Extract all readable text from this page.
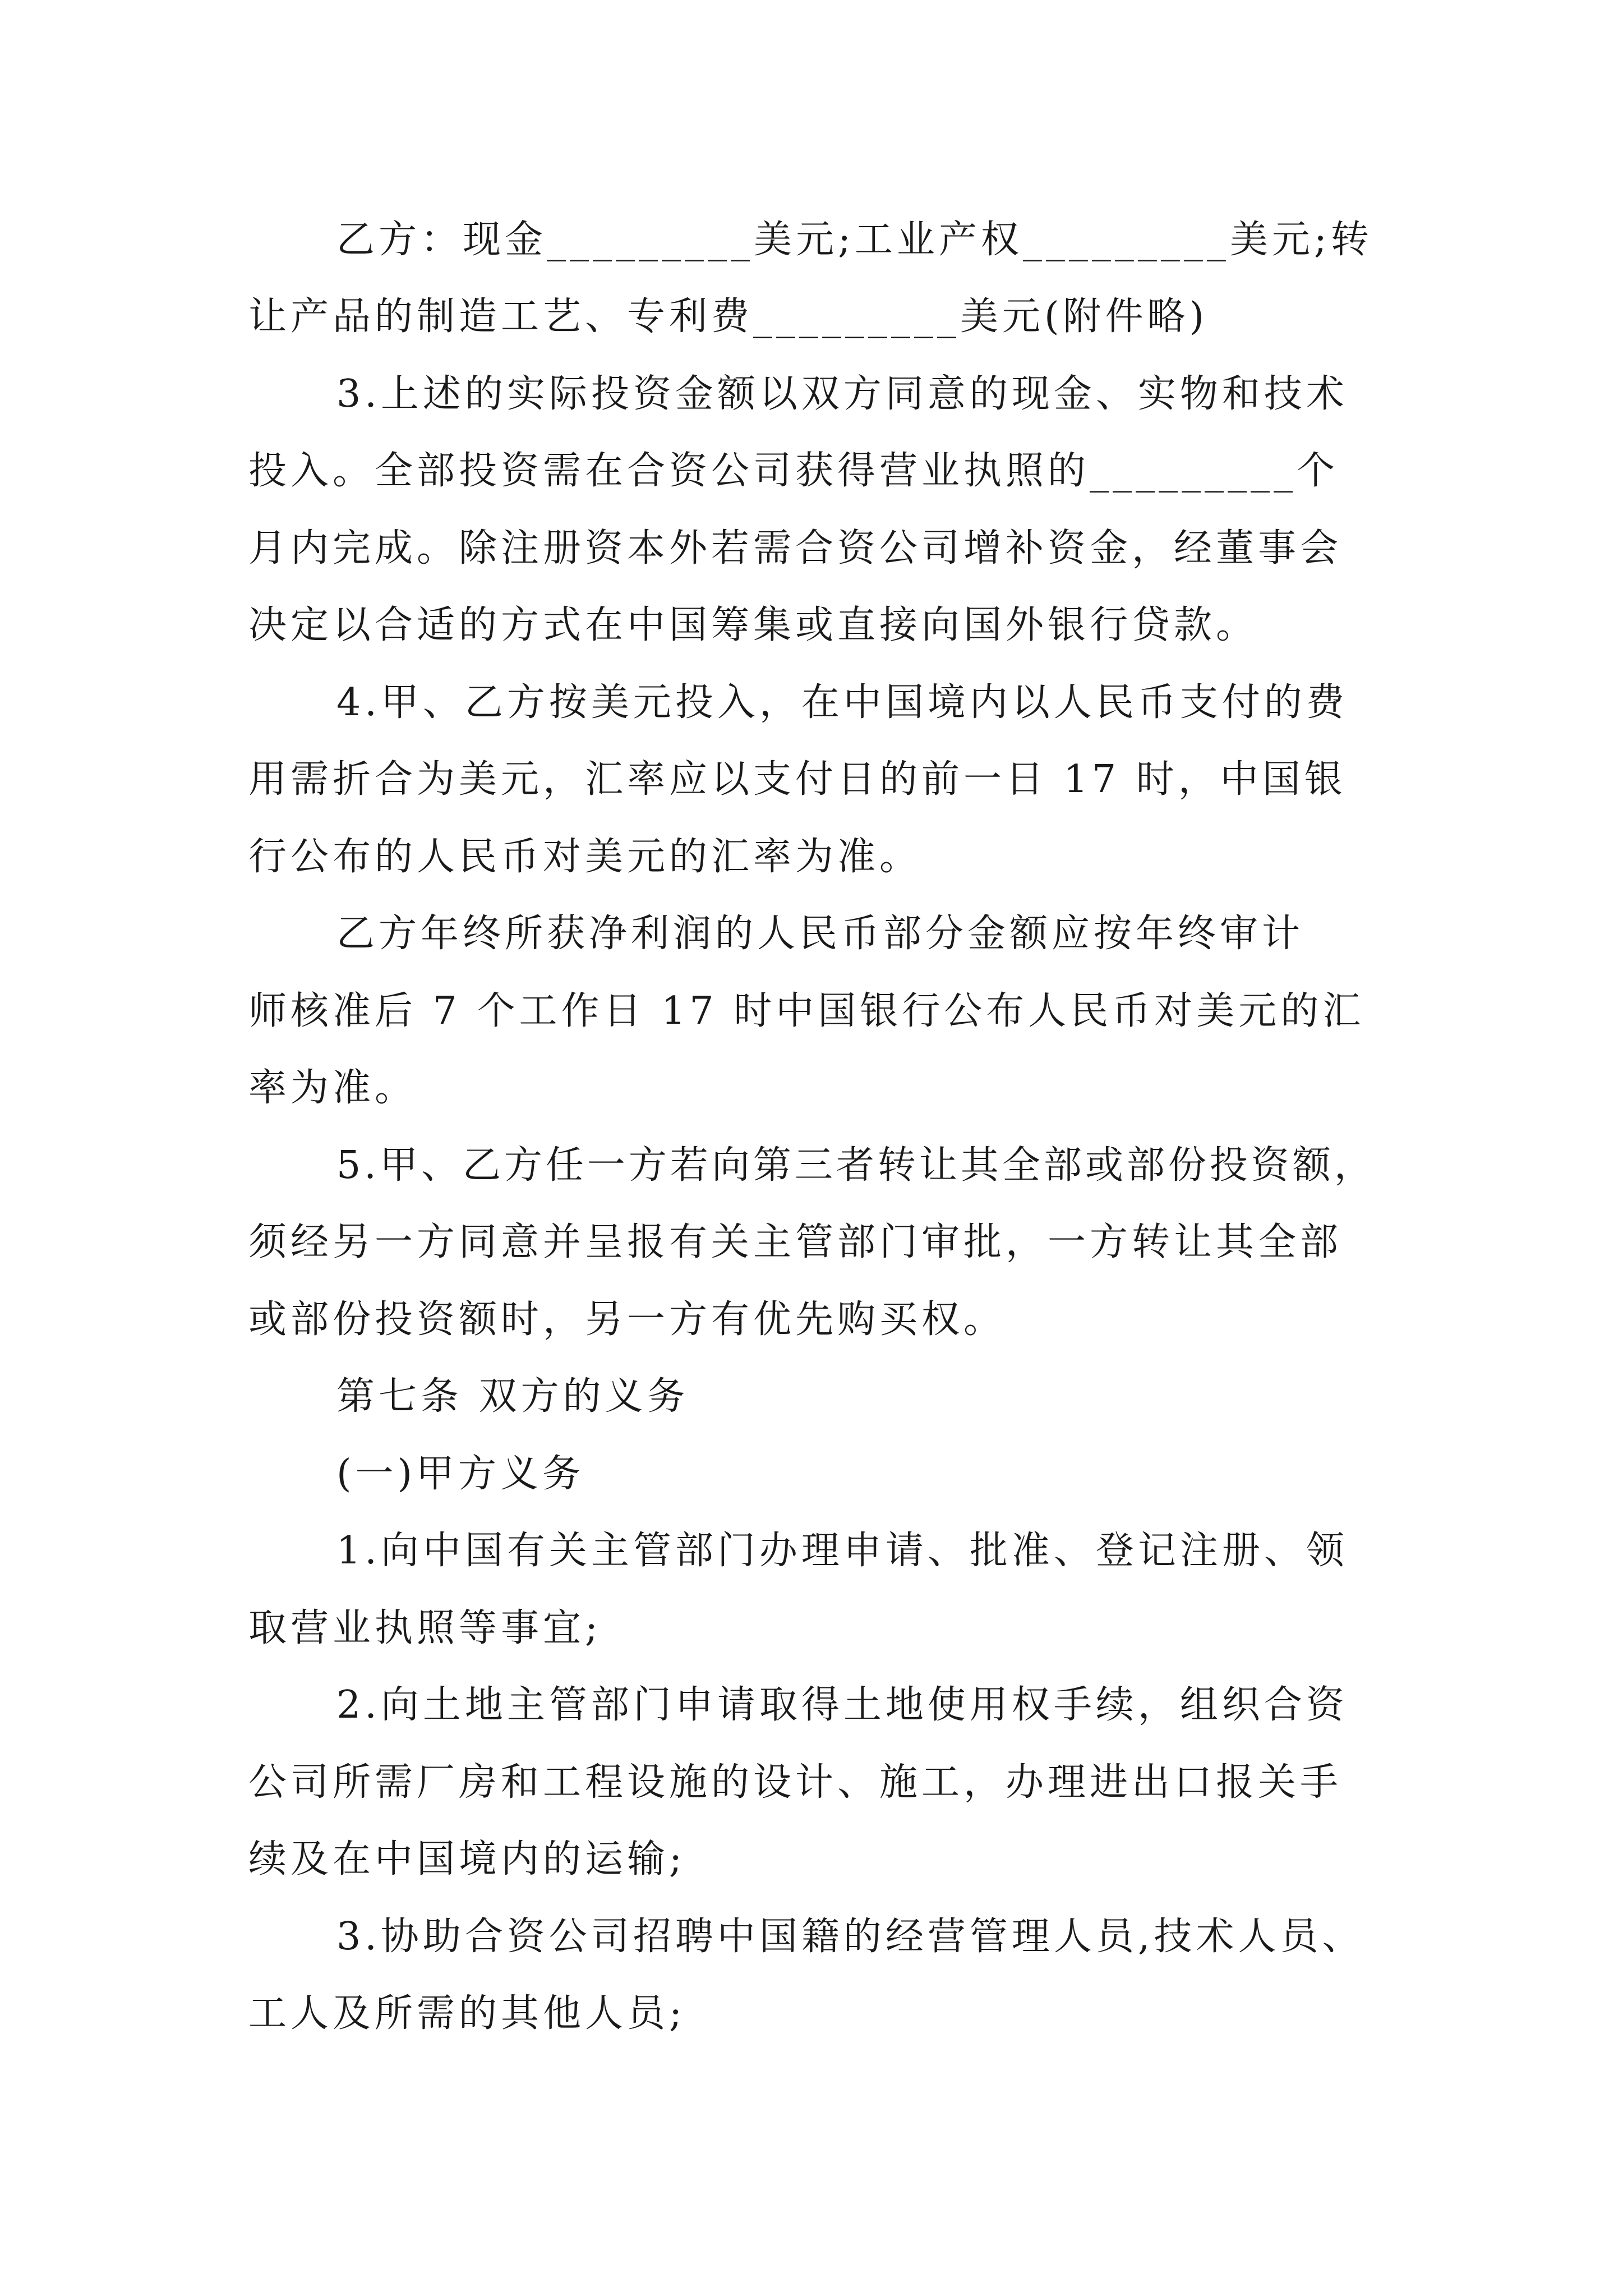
乙方：现金_________美元;工业产权_________美元;转
让产品的制造工艺、专利费_________美元(附件略)
3.上述的实际投资金额以双方同意的现金、实物和技术
投入。全部投资需在合资公司获得营业执照的_________个
月内完成。除注册资本外若需合资公司增补资金，经董事会
决定以合适的方式在中国筹集或直接向国外银行贷款。
4.甲、乙方按美元投入，在中国境内以人民币支付的费
用需折合为美元，汇率应以支付日的前一日 17 时，中国银
行公布的人民币对美元的汇率为准。
乙方年终所获净利润的人民币部分金额应按年终审计
师核准后 7 个工作日 17 时中国银行公布人民币对美元的汇
率为准。
5.甲、乙方任一方若向第三者转让其全部或部份投资额，
须经另一方同意并呈报有关主管部门审批，一方转让其全部
或部份投资额时，另一方有优先购买权。
第七条 双方的义务
(一)甲方义务
1.向中国有关主管部门办理申请、批准、登记注册、领
取营业执照等事宜;
2.向土地主管部门申请取得土地使用权手续，组织合资
公司所需厂房和工程设施的设计、施工，办理进出口报关手
续及在中国境内的运输;
3.协助合资公司招聘中国籍的经营管理人员,技术人员、
工人及所需的其他人员;
